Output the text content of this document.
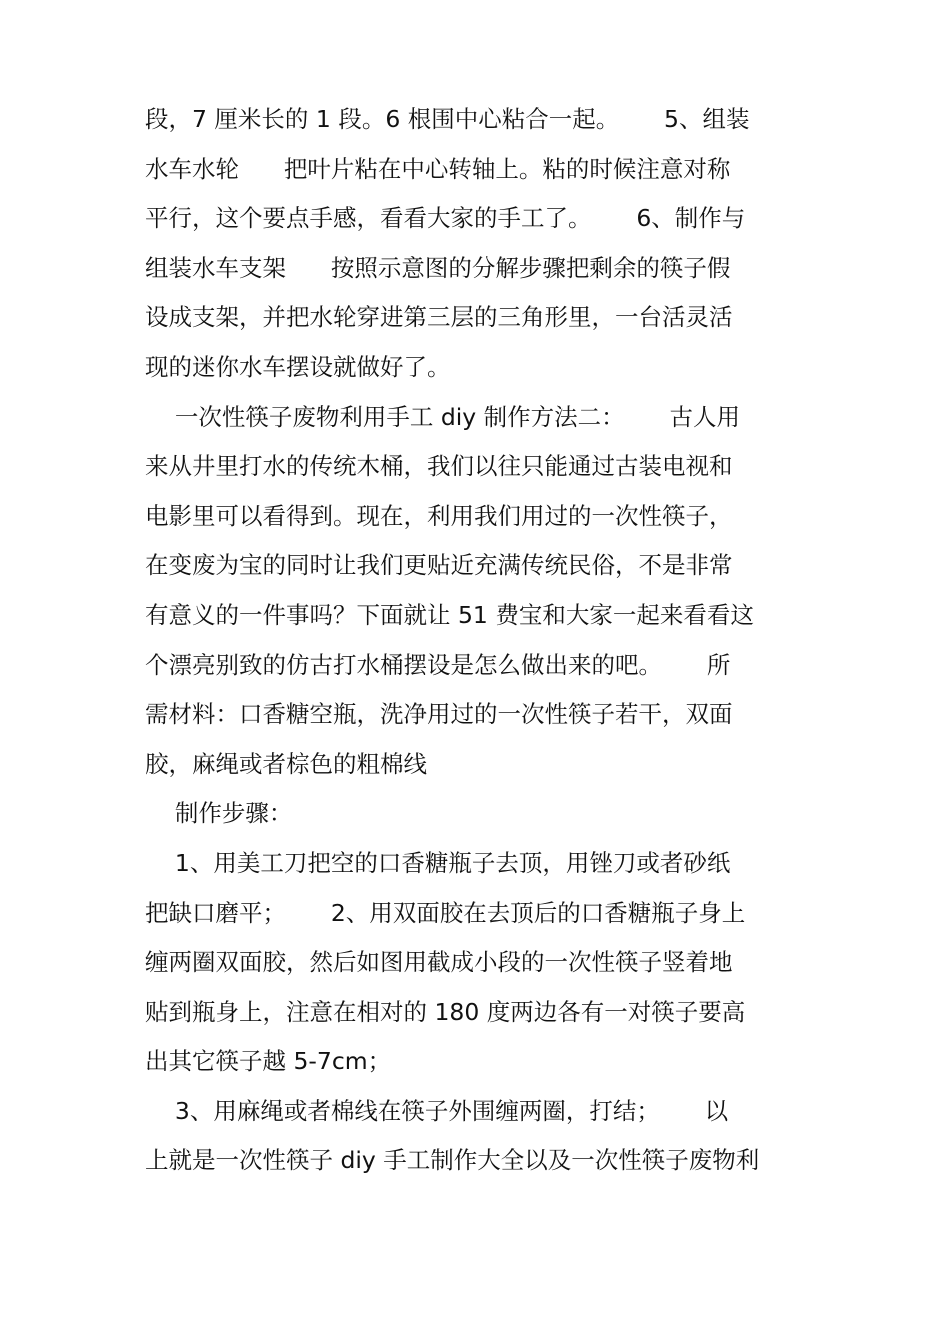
段，7 厘米长的 1 段。6 根围中心粘合一起。      5、组装
水车水轮      把叶片粘在中心转轴上。粘的时候注意对称
平行，这个要点手感，看看大家的手工了。      6、制作与
组装水车支架      按照示意图的分解步骤把剩余的筷子假
设成支架，并把水轮穿进第三层的三角形里，一台活灵活
现的迷你水车摆设就做好了。
一次性筷子废物利用手工 diy 制作方法二：      古人用
来从井里打水的传统木桶，我们以往只能通过古装电视和
电影里可以看得到。现在，利用我们用过的一次性筷子，
在变废为宝的同时让我们更贴近充满传统民俗，不是非常
有意义的一件事吗？下面就让 51 费宝和大家一起来看看这
个漂亮别致的仿古打水桶摆设是怎么做出来的吧。      所
需材料：口香糖空瓶，洗净用过的一次性筷子若干，双面
胶，麻绳或者棕色的粗棉线
制作步骤：
1、用美工刀把空的口香糖瓶子去顶，用锉刀或者砂纸
把缺口磨平；      2、用双面胶在去顶后的口香糖瓶子身上
缠两圈双面胶，然后如图用截成小段的一次性筷子竖着地
贴到瓶身上，注意在相对的 180 度两边各有一对筷子要高
出其它筷子越 5-7cm；
3、用麻绳或者棉线在筷子外围缠两圈，打结；      以
上就是一次性筷子 diy 手工制作大全以及一次性筷子废物利
